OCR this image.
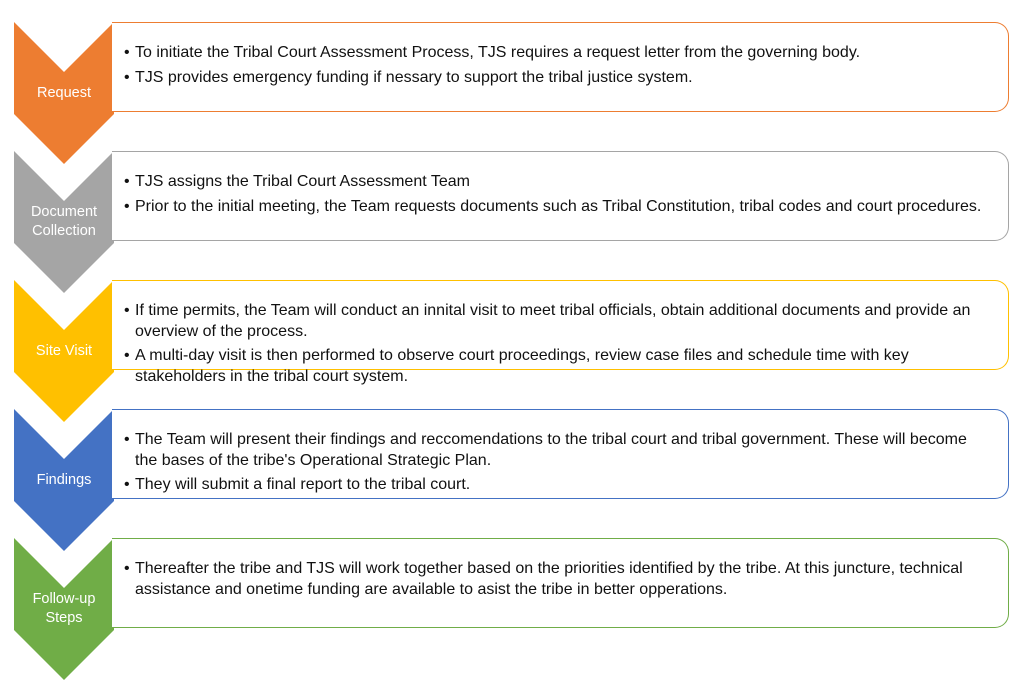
Request
• To initiate the Tribal Court Assessment Process, TJS requires a request letter from the governing body.
• TJS provides emergency funding if nessary to support the tribal justice system.
Document
Collection
• TJS assigns the Tribal Court Assessment Team
• Prior to the initial meeting, the Team requests documents such as Tribal Constitution, tribal codes and court procedures.
Site Visit
• If time permits, the Team will conduct an innital visit to meet tribal officials, obtain additional documents and provide an overview of the process.
• A multi-day visit is then performed to observe court proceedings, review case files and schedule time with key stakeholders in the tribal court system.
Findings
• The Team will present their findings and reccomendations to the tribal court and tribal government. These will become the bases of the tribe's Operational Strategic Plan.
• They will submit a final report to the tribal court.
Follow-up
Steps
• Thereafter the tribe and TJS will work together based on the priorities identified by the tribe. At this juncture, technical assistance and onetime funding are available to asist the tribe in better opperations.
